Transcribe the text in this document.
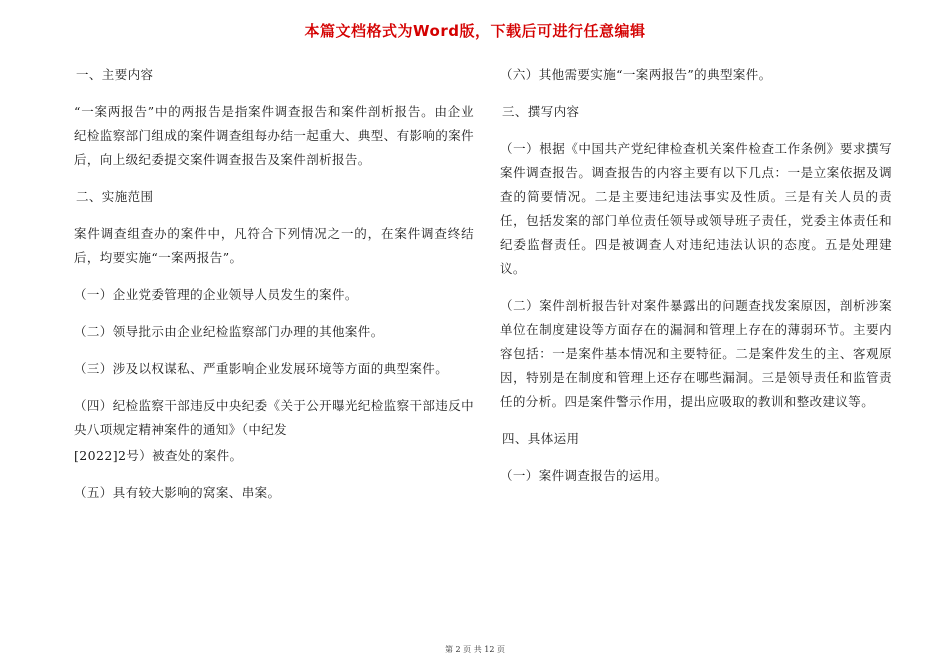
本篇文档格式为Word版，下载后可进行任意编辑

一、主要内容

“一案两报告”中的两报告是指案件调查报告和案件剖析报告。由企业纪检监察部门组成的案件调查组每办结一起重大、典型、有影响的案件后，向上级纪委提交案件调查报告及案件剖析报告。

二、实施范围

案件调查组查办的案件中，凡符合下列情况之一的，在案件调查终结后，均要实施“一案两报告”。

（一）企业党委管理的企业领导人员发生的案件。

（二）领导批示由企业纪检监察部门办理的其他案件。

（三）涉及以权谋私、严重影响企业发展环境等方面的典型案件。

（四）纪检监察干部违反中央纪委《关于公开曝光纪检监察干部违反中央八项规定精神案件的通知》（中纪发

[2022]2号）被查处的案件。

（五）具有较大影响的窝案、串案。

（六）其他需要实施“一案两报告”的典型案件。

三、撰写内容

（一）根据《中国共产党纪律检查机关案件检查工作条例》要求撰写案件调查报告。调查报告的内容主要有以下几点：一是立案依据及调查的简要情况。二是主要违纪违法事实及性质。三是有关人员的责任，包括发案的部门单位责任领导或领导班子责任，党委主体责任和纪委监督责任。四是被调查人对违纪违法认识的态度。五是处理建议。

（二）案件剖析报告针对案件暴露出的问题查找发案原因，剖析涉案单位在制度建设等方面存在的漏洞和管理上存在的薄弱环节。主要内容包括：一是案件基本情况和主要特征。二是案件发生的主、客观原因，特别是在制度和管理上还存在哪些漏洞。三是领导责任和监管责任的分析。四是案件警示作用，提出应吸取的教训和整改建议等。

四、具体运用

（一）案件调查报告的运用。

第 2 页 共 12 页
